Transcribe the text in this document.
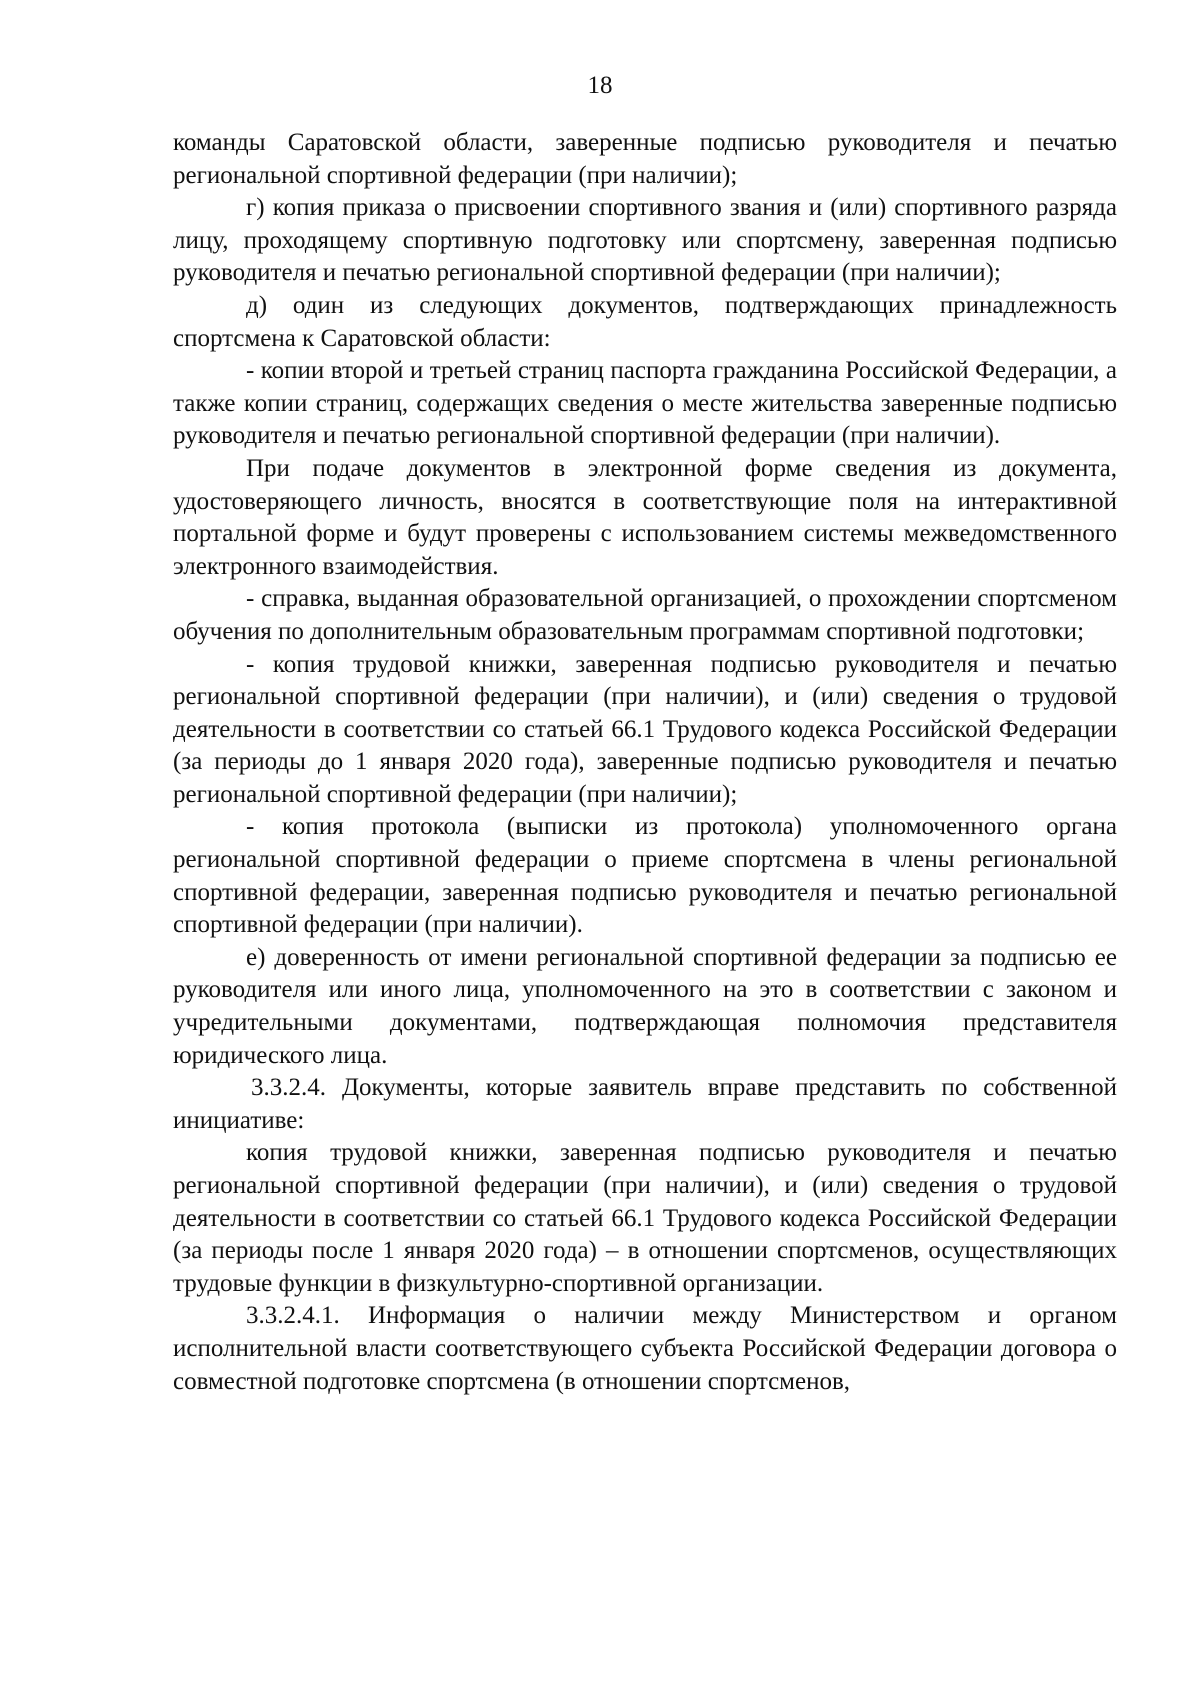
18

команды Саратовской области, заверенные подписью руководителя и печатью региональной спортивной федерации (при наличии);

г) копия приказа о присвоении спортивного звания и (или) спортивного разряда лицу, проходящему спортивную подготовку или спортсмену, заверенная подписью руководителя и печатью региональной спортивной федерации (при наличии);

д) один из следующих документов, подтверждающих принадлежность спортсмена к Саратовской области:

- копии второй и третьей страниц паспорта гражданина Российской Федерации, а также копии страниц, содержащих сведения о месте жительства заверенные подписью руководителя и печатью региональной спортивной федерации (при наличии).

При подаче документов в электронной форме сведения из документа, удостоверяющего личность, вносятся в соответствующие поля на интерактивной портальной форме и будут проверены с использованием системы межведомственного электронного взаимодействия.

- справка, выданная образовательной организацией, о прохождении спортсменом обучения по дополнительным образовательным программам спортивной подготовки;

- копия трудовой книжки, заверенная подписью руководителя и печатью региональной спортивной федерации (при наличии), и (или) сведения о трудовой деятельности в соответствии со статьей 66.1 Трудового кодекса Российской Федерации (за периоды до 1 января 2020 года), заверенные подписью руководителя и печатью региональной спортивной федерации (при наличии);

- копия протокола (выписки из протокола) уполномоченного органа региональной спортивной федерации о приеме спортсмена в члены региональной спортивной федерации, заверенная подписью руководителя и печатью региональной спортивной федерации (при наличии).

е) доверенность от имени региональной спортивной федерации за подписью ее руководителя или иного лица, уполномоченного на это в соответствии с законом и учредительными документами, подтверждающая полномочия представителя юридического лица.

3.3.2.4. Документы, которые заявитель вправе представить по собственной инициативе:

копия трудовой книжки, заверенная подписью руководителя и печатью региональной спортивной федерации (при наличии), и (или) сведения о трудовой деятельности в соответствии со статьей 66.1 Трудового кодекса Российской Федерации (за периоды после 1 января 2020 года) – в отношении спортсменов, осуществляющих трудовые функции в физкультурно-спортивной организации.

3.3.2.4.1. Информация о наличии между Министерством и органом исполнительной власти соответствующего субъекта Российской Федерации договора о совместной подготовке спортсмена (в отношении спортсменов,
